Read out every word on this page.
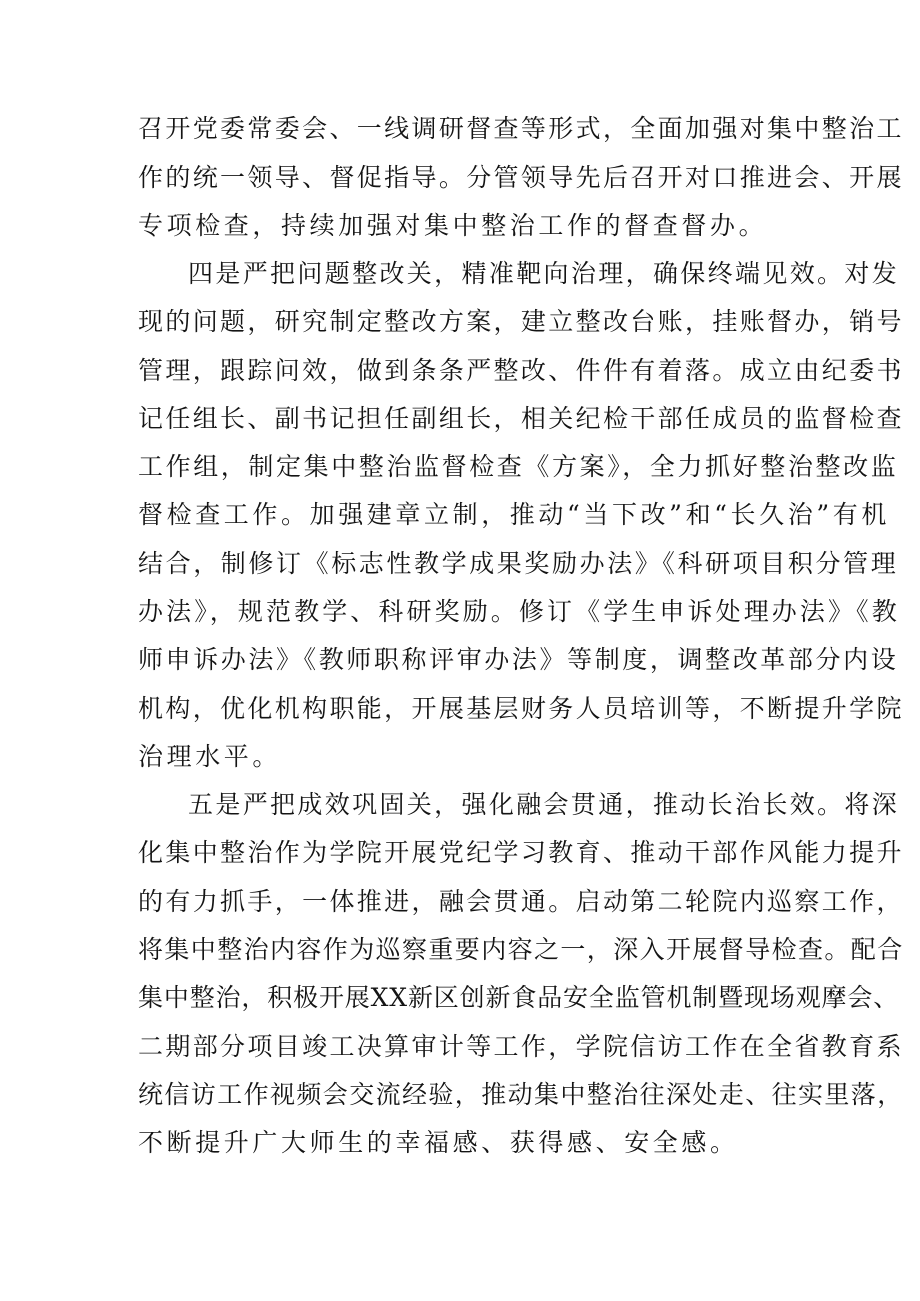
召开党委常委会、一线调研督查等形式，全面加强对集中整治工
作的统一领导、督促指导。分管领导先后召开对口推进会、开展
专项检查，持续加强对集中整治工作的督查督办。
四是严把问题整改关，精准靶向治理，确保终端见效。对发
现的问题，研究制定整改方案，建立整改台账，挂账督办，销号
管理，跟踪问效，做到条条严整改、件件有着落。成立由纪委书
记任组长、副书记担任副组长，相关纪检干部任成员的监督检查
工作组，制定集中整治监督检查《方案》，全力抓好整治整改监
督检查工作。加强建章立制，推动“当下改”和“长久治”有机
结合，制修订《标志性教学成果奖励办法》《科研项目积分管理
办法》，规范教学、科研奖励。修订《学生申诉处理办法》《教
师申诉办法》《教师职称评审办法》等制度，调整改革部分内设
机构，优化机构职能，开展基层财务人员培训等，不断提升学院
治理水平。
五是严把成效巩固关，强化融会贯通，推动长治长效。将深
化集中整治作为学院开展党纪学习教育、推动干部作风能力提升
的有力抓手，一体推进，融会贯通。启动第二轮院内巡察工作，
将集中整治内容作为巡察重要内容之一，深入开展督导检查。配合
集中整治，积极开展XX新区创新食品安全监管机制暨现场观摩会、
二期部分项目竣工决算审计等工作，学院信访工作在全省教育系
统信访工作视频会交流经验，推动集中整治往深处走、往实里落，
不断提升广大师生的幸福感、获得感、安全感。
